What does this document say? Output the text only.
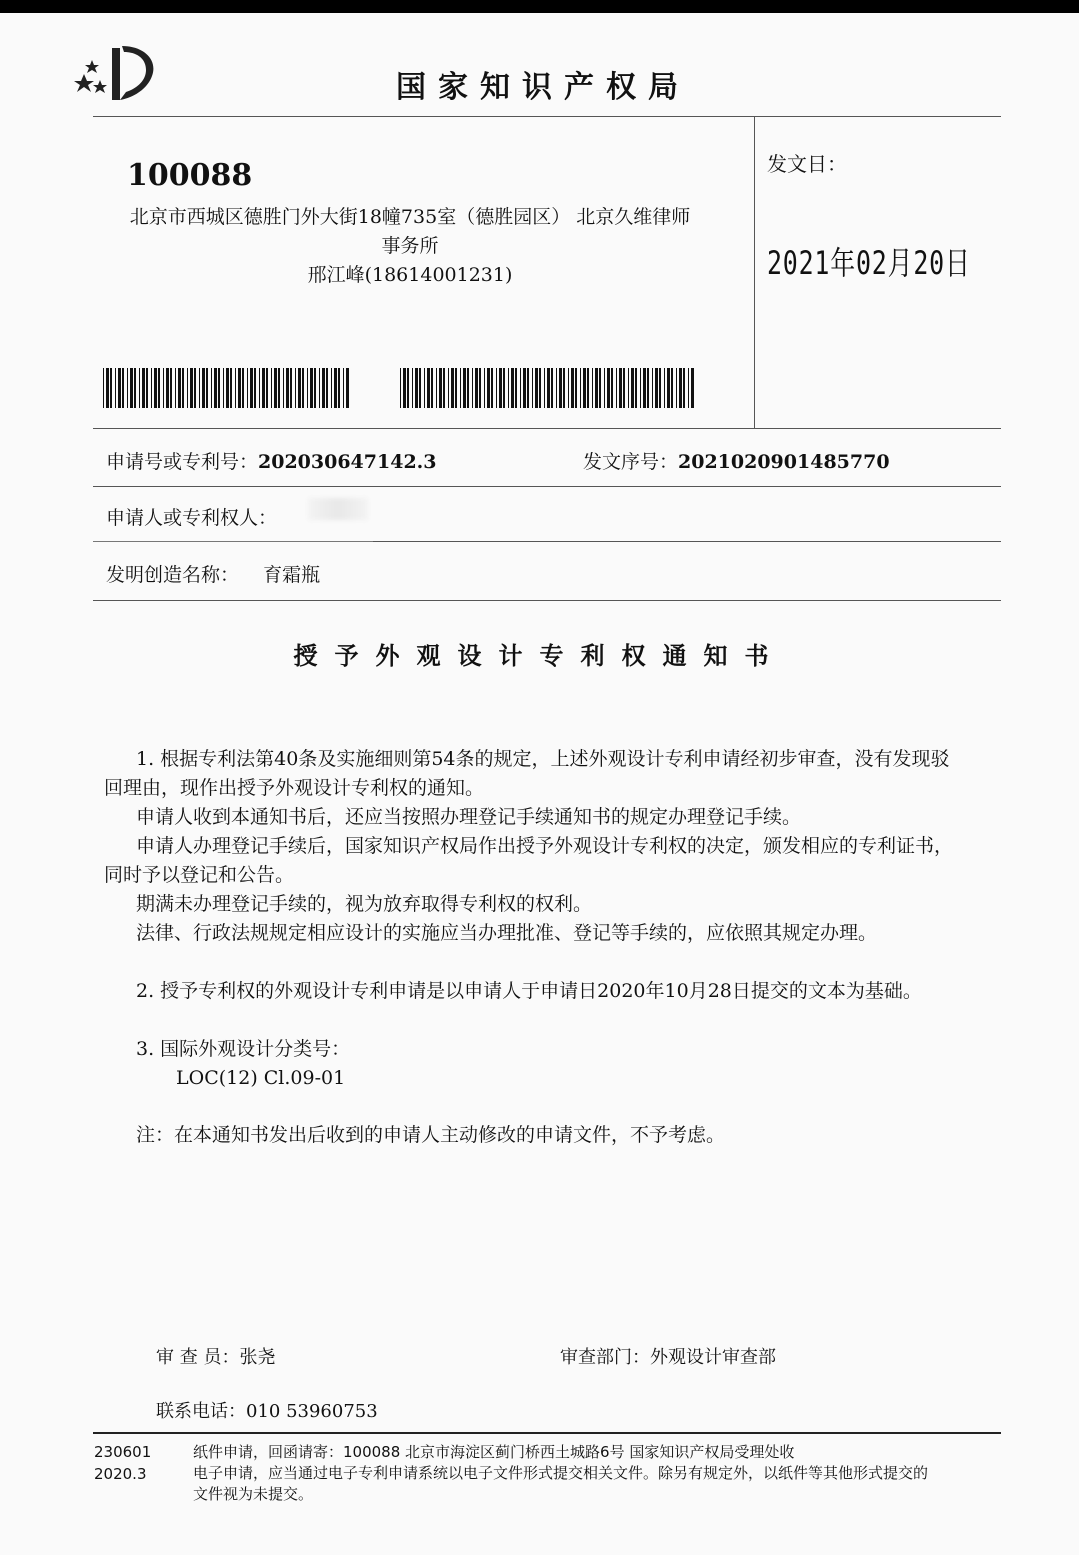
国家知识产权局
100088
北京市西城区德胜门外大街18幢735室（德胜园区） 北京久维律师
事务所
邢江峰(18614001231)
发文日：
2021年02月20日
申请号或专利号：202030647142.3	发文序号：2021020901485770
申请人或专利权人：
发明创造名称： 育霜瓶
授予外观设计专利权通知书

1. 根据专利法第40条及实施细则第54条的规定，上述外观设计专利申请经初步审查，没有发现驳

回理由，现作出授予外观设计专利权的通知。

申请人收到本通知书后，还应当按照办理登记手续通知书的规定办理登记手续。

申请人办理登记手续后，国家知识产权局作出授予外观设计专利权的决定，颁发相应的专利证书，

同时予以登记和公告。

期满未办理登记手续的，视为放弃取得专利权的权利。

法律、行政法规规定相应设计的实施应当办理批准、登记等手续的，应依照其规定办理。

2. 授予专利权的外观设计专利申请是以申请人于申请日2020年10月28日提交的文本为基础。
3. 国际外观设计分类号：
LOC(12) Cl.09-01
注：在本通知书发出后收到的申请人主动修改的申请文件，不予考虑。
审 查 员：张尧	审查部门：外观设计审查部
联系电话：010 53960753
230601
2020.3
纸件申请，回函请寄：100088 北京市海淀区蓟门桥西土城路6号 国家知识产权局受理处收
电子申请，应当通过电子专利申请系统以电子文件形式提交相关文件。除另有规定外，以纸件等其他形式提交的
文件视为未提交。
